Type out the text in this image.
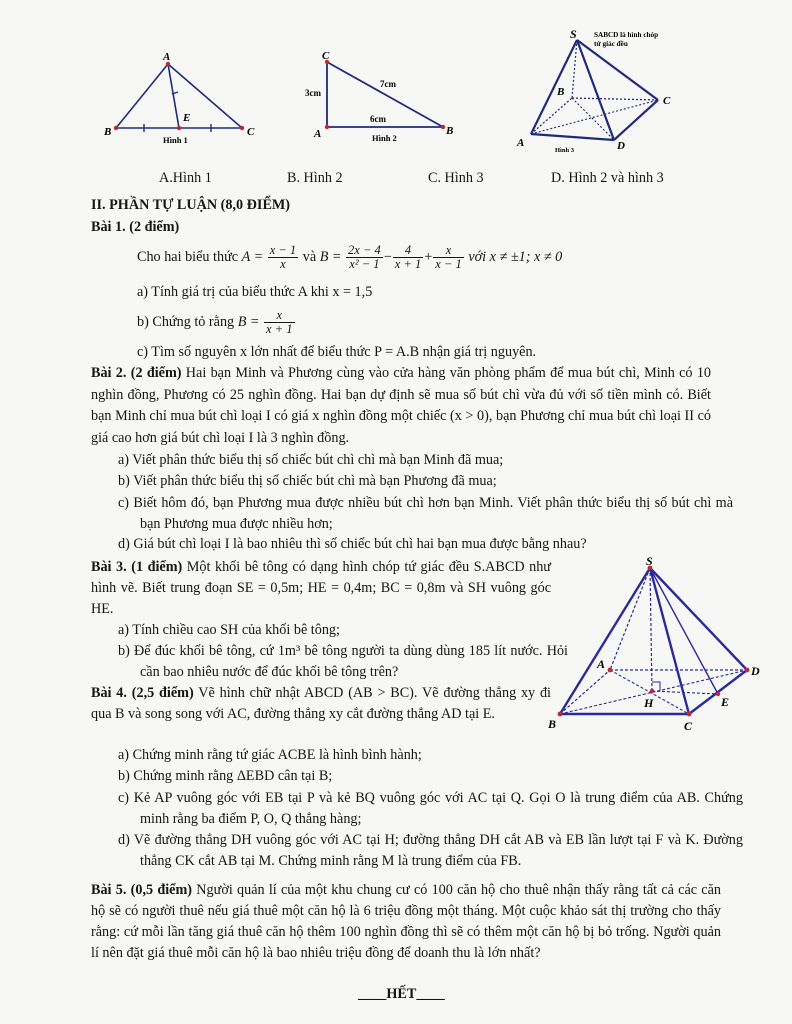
A
B	C
E
Hình 1
C
A	B
3cm
7cm
6cm
Hình 2
S SABCD là hình chóp
tứ giác đều
B
C
A	D
Hình 3
A.Hình 1	B. Hình 2	C. Hình 3	D. Hình 2 và hình 3
II. PHẦN TỰ LUẬN (8,0 ĐIỂM)
Bài 1. (2 điểm)
Cho hai biểu thức $A = \frac{x - 1}{x}$ và $B = \frac{2x - 4}{\text{x² − 1}} - \frac{4}{x + 1} + \frac{x}{x - 1}$ với x ≠ ±1; x ≠ 0
a) Tính giá trị của biểu thức A khi x = 1,5
b) Chứng tỏ rằng $B = \frac{x}{x + 1}$
c) Tìm số nguyên x lớn nhất để biểu thức P = A.B nhận giá trị nguyên.
Bài 2. (2 điểm) Hai bạn Minh và Phương cùng vào cửa hàng văn phòng phẩm để mua bút chì, Minh có 10 nghìn đồng, Phương có 25 nghìn đồng. Hai bạn dự định sẽ mua số bút chì vừa đủ với số tiền mình có. Biết bạn Minh chỉ mua bút chì loại I có giá x nghìn đồng một chiếc (x > 0), bạn Phương chỉ mua bút chì loại II có giá cao hơn giá bút chì loại I là 3 nghìn đồng.
a) Viết phân thức biểu thị số chiếc bút chì chì mà bạn Minh đã mua;
b) Viết phân thức biểu thị số chiếc bút chì mà bạn Phương đã mua;
c) Biết hôm đó, bạn Phương mua được nhiều bút chì hơn bạn Minh. Viết phân thức biểu thị số bút chì mà bạn Phương mua được nhiều hơn;
d) Giá bút chì loại I là bao nhiêu thì số chiếc bút chì hai bạn mua được bằng nhau?
Bài 3. (1 điểm) Một khối bê tông có dạng hình chóp tứ giác đều S.ABCD như hình vẽ. Biết trung đoạn SE = 0,5m; HE = 0,4m; BC = 0,8m và SH vuông góc HE.
a) Tính chiều cao SH của khối bê tông;
b) Để đúc khối bê tông, cứ 1m³ bê tông người ta dùng dùng 185 lít nước. Hỏi cần bao nhiêu nước để đúc khối bê tông trên?
S
A	D
H	E
B	C
Bài 4. (2,5 điểm) Vẽ hình chữ nhật ABCD (AB > BC). Vẽ đường thẳng xy đi qua B và song song với AC, đường thẳng xy cắt đường thẳng AD tại E.
a) Chứng minh rằng tứ giác ACBE là hình bình hành;
b) Chứng minh rằng ΔEBD cân tại B;
c) Kẻ AP vuông góc với EB tại P và kẻ BQ vuông góc với AC tại Q. Gọi O là trung điểm của AB. Chứng minh rằng ba điểm P, O, Q thẳng hàng;
d) Vẽ đường thẳng DH vuông góc với AC tại H; đường thẳng DH cắt AB và EB lần lượt tại F và K. Đường thẳng CK cắt AB tại M. Chứng minh rằng M là trung điểm của FB.
Bài 5. (0,5 điểm) Người quản lí của một khu chung cư có 100 căn hộ cho thuê nhận thấy rằng tất cả các căn hộ sẽ có người thuê nếu giá thuê một căn hộ là 6 triệu đồng một tháng. Một cuộc khảo sát thị trường cho thấy rằng: cứ mỗi lần tăng giá thuê căn hộ thêm 100 nghìn đồng thì sẽ có thêm một căn hộ bị bỏ trống. Người quản lí nên đặt giá thuê mỗi căn hộ là bao nhiêu triệu đồng để doanh thu là lớn nhất?
____HẾT____
